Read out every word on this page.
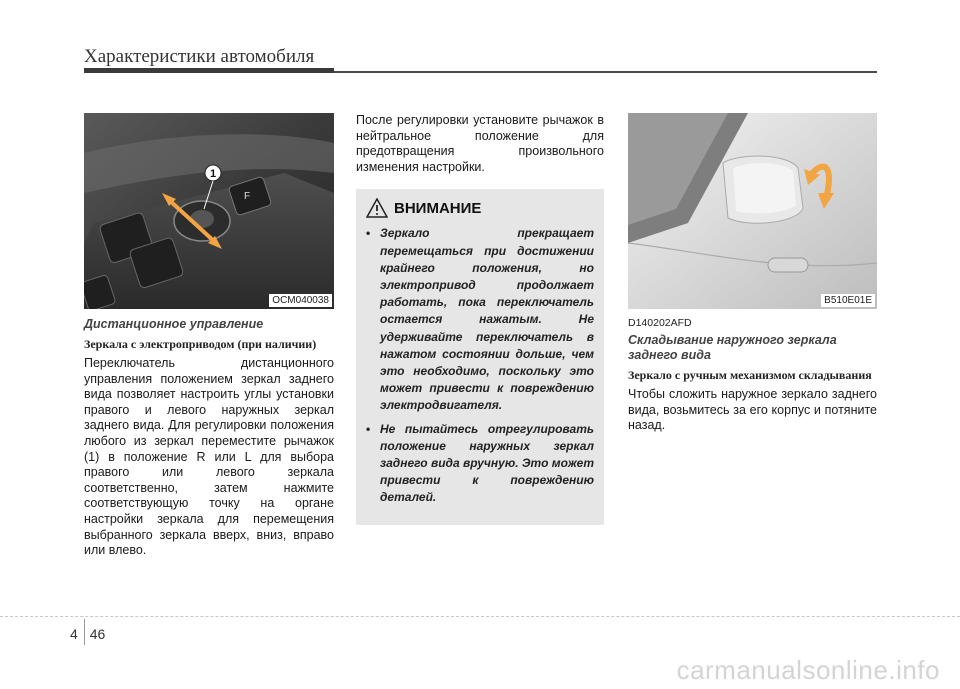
Характеристики автомобиля
F
1
OCM040038
Дистанционное управление
Зеркала с электроприводом (при наличии)
Переключатель дистанционного управления положением зеркал заднего вида позволяет настроить углы установки правого и левого наружных зеркал заднего вида. Для регулировки положения любого из зеркал переместите рычажок (1) в положение R или L для выбора правого или левого зеркала соответственно, затем нажмите соответствующую точку на органе настройки зеркала для перемещения выбранного зеркала вверх, вниз, вправо или влево.
После регулировки установите рычажок в нейтральное положение для предотвращения произвольного изменения настройки.
ВНИМАНИЕ
• Зеркало прекращает перемещаться при достижении крайнего положения, но электропривод продолжает работать, пока переключатель остается нажатым. Не удерживайте переключатель в нажатом состоянии дольше, чем это необходимо, поскольку это может привести к повреждению электродвигателя.
• Не пытайтесь отрегулировать положение наружных зеркал заднего вида вручную. Это может привести к повреждению деталей.
B510E01E
D140202AFD
Складывание наружного зеркала заднего вида
Зеркало с ручным механизмом складывания
Чтобы сложить наружное зеркало заднего вида, возьмитесь за его корпус и потяните назад.
4 46
carmanualsonline.info
